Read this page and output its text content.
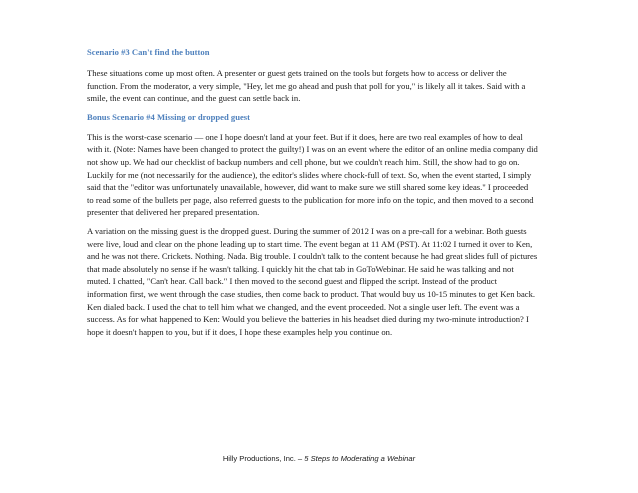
Scenario #3 Can't find the button

These situations come up most often. A presenter or guest gets trained on the tools but forgets how to access or deliver the
function. From the moderator, a very simple, "Hey, let me go ahead and push that poll for you," is likely all it takes. Said with a
smile, the event can continue, and the guest can settle back in.

Bonus Scenario #4 Missing or dropped guest

This is the worst-case scenario — one I hope doesn't land at your feet. But if it does, here are two real examples of how to deal
with it. (Note: Names have been changed to protect the guilty!) I was on an event where the editor of an online media company did
not show up. We had our checklist of backup numbers and cell phone, but we couldn't reach him. Still, the show had to go on.
Luckily for me (not necessarily for the audience), the editor's slides where chock-full of text. So, when the event started, I simply
said that the "editor was unfortunately unavailable, however, did want to make sure we still shared some key ideas." I proceeded
to read some of the bullets per page, also referred guests to the publication for more info on the topic, and then moved to a second
presenter that delivered her prepared presentation.

A variation on the missing guest is the dropped guest. During the summer of 2012 I was on a pre-call for a webinar. Both guests
were live, loud and clear on the phone leading up to start time. The event began at 11 AM (PST). At 11:02 I turned it over to Ken,
and he was not there. Crickets. Nothing. Nada. Big trouble. I couldn't talk to the content because he had great slides full of pictures
that made absolutely no sense if he wasn't talking. I quickly hit the chat tab in GoToWebinar. He said he was talking and not
muted. I chatted, "Can't hear. Call back." I then moved to the second guest and flipped the script. Instead of the product
information first, we went through the case studies, then come back to product. That would buy us 10-15 minutes to get Ken back.
Ken dialed back. I used the chat to tell him what we changed, and the event proceeded. Not a single user left. The event was a
success. As for what happened to Ken: Would you believe the batteries in his headset died during my two-minute introduction? I
hope it doesn't happen to you, but if it does, I hope these examples help you continue on.

Hilly Productions, Inc. – 5 Steps to Moderating a Webinar
